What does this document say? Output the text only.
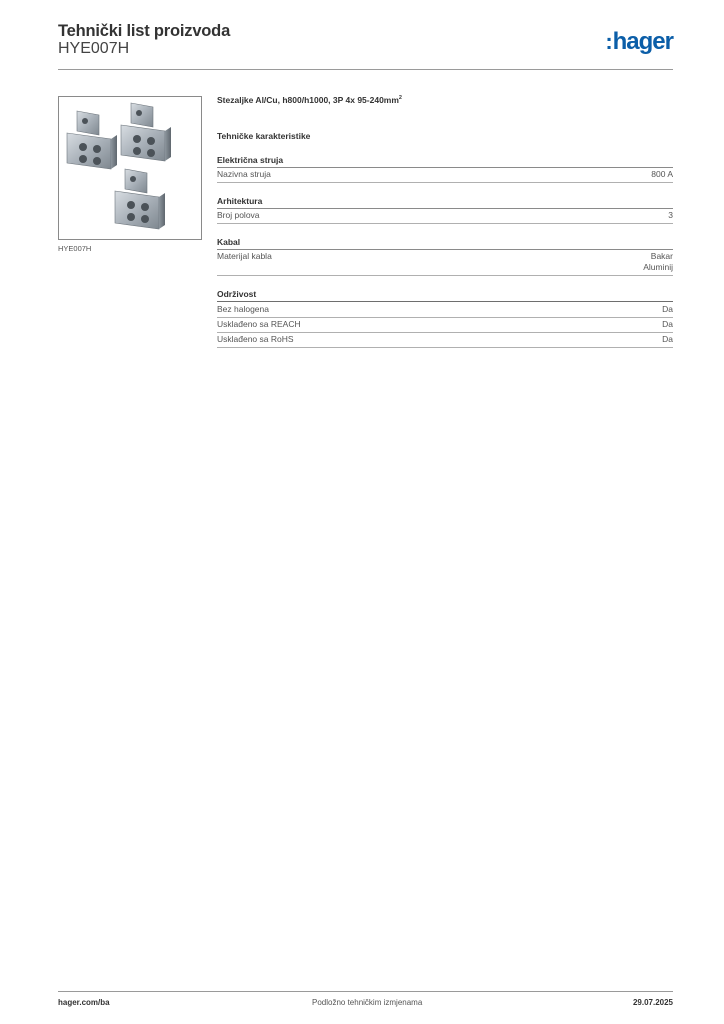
Tehnički list proizvoda
HYE007H	:hager
HYE007H
Stezaljke Al/Cu, h800/h1000, 3P 4x $95-240mm^2$
Tehničke karakteristike
Električna struja
Nazivna struja	800 A
Arhitektura
Broj polova	3
Kabal
Materijal kabla	Bakar
Aluminij
Održivost
Bez halogena	Da
Usklađeno sa REACH	Da
Usklađeno sa RoHS	Da
hager.com/ba	Podložno tehničkim izmjenama	29.07.2025
